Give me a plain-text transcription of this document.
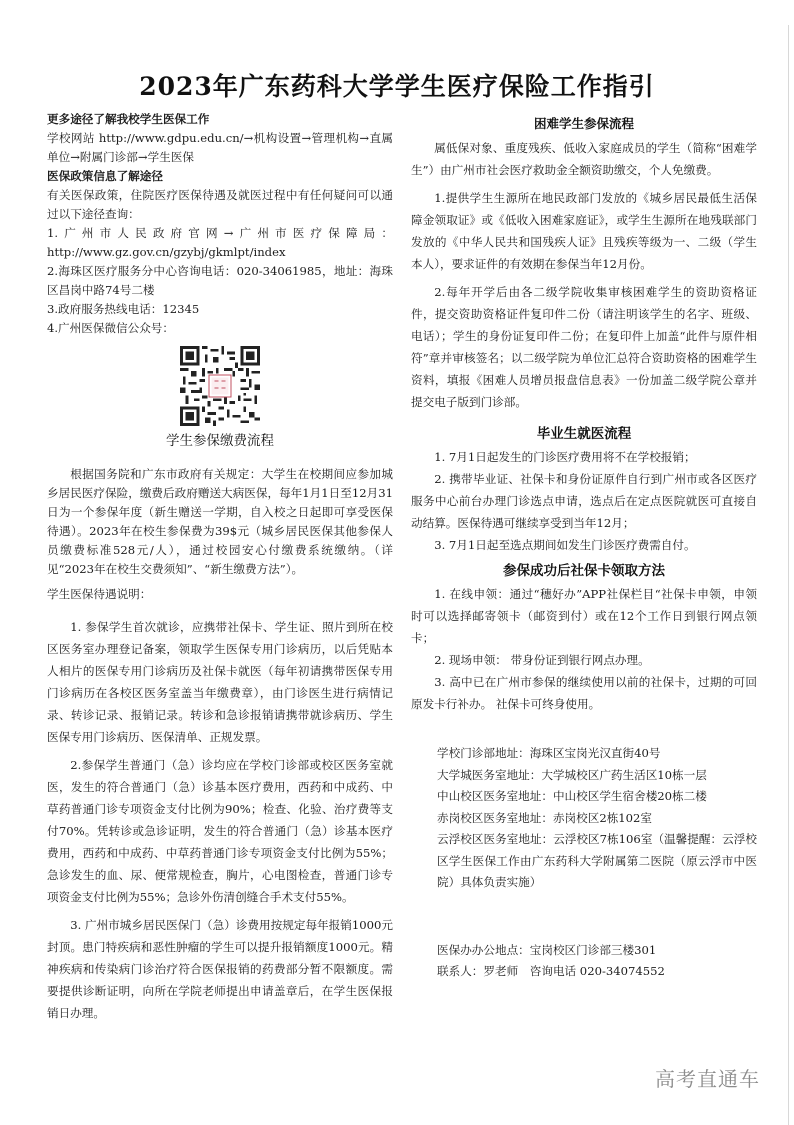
2023年广东药科大学学生医疗保险工作指引

更多途径了解我校学生医保工作

学校网站 http://www.gdpu.edu.cn/→机构设置→管理机构→直属单位→附属门诊部→学生医保

医保政策信息了解途径

有关医保政策，住院医疗医保待遇及就医过程中有任何疑问可以通过以下途径查询：

1.广州市人民政府官网→广州市医疗保障局：http://www.gz.gov.cn/gzybj/gkmlpt/index

2.海珠区医疗服务分中心咨询电话：020-34061985，地址：海珠区昌岗中路74号二楼

3.政府服务热线电话：12345

4.广州医保微信公众号：

学生参保缴费流程

根据国务院和广东市政府有关规定：大学生在校期间应参加城乡居民医疗保险，缴费后政府赠送大病医保，每年1月1日至12月31日为一个参保年度（新生赠送一学期，自入校之日起即可享受医保待遇）。2023年在校生参保费为39$元（城乡居民医保其他参保人员缴费标准528元/人），通过校园安心付缴费系统缴纳。（详见“2023年在校生交费须知”、“新生缴费方法”）。

学生医保待遇说明：

1. 参保学生首次就诊，应携带社保卡、学生证、照片到所在校区医务室办理登记备案，领取学生医保专用门诊病历，以后凭贴本人相片的医保专用门诊病历及社保卡就医（每年初请携带医保专用门诊病历在各校区医务室盖当年缴费章），由门诊医生进行病情记录、转诊记录、报销记录。转诊和急诊报销请携带就诊病历、学生医保专用门诊病历、医保清单、正规发票。

2.参保学生普通门（急）诊均应在学校门诊部或校区医务室就医，发生的符合普通门（急）诊基本医疗费用，西药和中成药、中草药普通门诊专项资金支付比例为90%；检查、化验、治疗费等支付70%。凭转诊或急诊证明，发生的符合普通门（急）诊基本医疗费用，西药和中成药、中草药普通门诊专项资金支付比例为55%；急诊发生的血、尿、便常规检查，胸片，心电图检查，普通门诊专项资金支付比例为55%；急诊外伤清创缝合手术支付55%。

3. 广州市城乡居民医保门（急）诊费用按规定每年报销1000元封顶。患门特疾病和恶性肿瘤的学生可以提升报销额度1000元。精神疾病和传染病门诊治疗符合医保报销的药费部分暂不限额度。需要提供诊断证明，向所在学院老师提出申请盖章后，在学生医保报销日办理。

困难学生参保流程

属低保对象、重度残疾、低收入家庭成员的学生（简称“困难学生”）由广州市社会医疗救助金全额资助缴交，个人免缴费。

1.提供学生生源所在地民政部门发放的《城乡居民最低生活保障金领取证》或《低收入困难家庭证》，或学生生源所在地残联部门发放的《中华人民共和国残疾人证》且残疾等级为一、二级（学生本人），要求证件的有效期在参保当年12月份。

2.每年开学后由各二级学院收集审核困难学生的资助资格证件，提交资助资格证件复印件二份（请注明该学生的名字、班级、电话）；学生的身份证复印件二份；在复印件上加盖“此件与原件相符”章并审核签名；以二级学院为单位汇总符合资助资格的困难学生资料，填报《困难人员增员报盘信息表》一份加盖二级学院公章并提交电子版到门诊部。

毕业生就医流程

1. 7月1日起发生的门诊医疗费用将不在学校报销；

2. 携带毕业证、社保卡和身份证原件自行到广州市或各区医疗服务中心前台办理门诊选点申请，选点后在定点医院就医可直接自动结算。医保待遇可继续享受到当年12月；

3. 7月1日起至选点期间如发生门诊医疗费需自付。

参保成功后社保卡领取方法

1. 在线申领：通过“穗好办”APP社保栏目“社保卡申领，申领时可以选择邮寄领卡（邮资到付）或在12个工作日到银行网点领卡；

2. 现场申领： 带身份证到银行网点办理。

3. 高中已在广州市参保的继续使用以前的社保卡，过期的可回原发卡行补办。 社保卡可终身使用。

学校门诊部地址：海珠区宝岗光汉直街40号

大学城医务室地址：大学城校区广药生活区10栋一层

中山校区医务室地址：中山校区学生宿舍楼20栋二楼

赤岗校区医务室地址：赤岗校区2栋102室

云浮校区医务室地址：云浮校区7栋106室（温馨提醒：云浮校区学生医保工作由广东药科大学附属第二医院（原云浮市中医院）具体负责实施）

医保办办公地点：宝岗校区门诊部三楼301

联系人：罗老师　咨询电话 020-34074552

高考直通车
